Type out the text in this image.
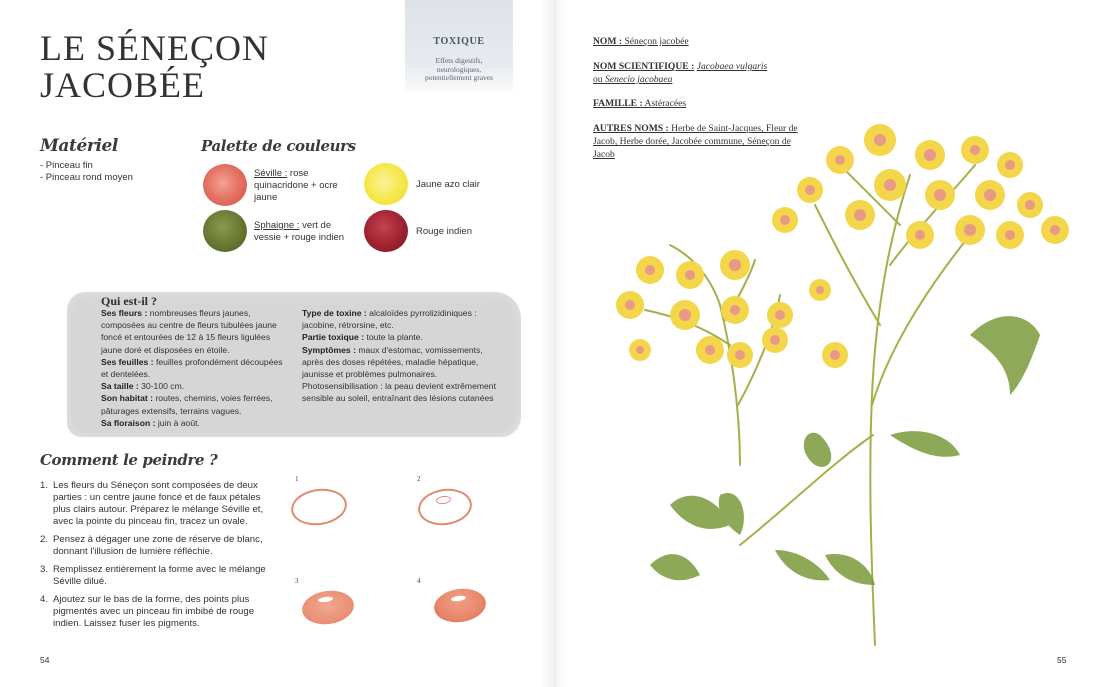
LE SÉNEÇON
JACOBÉE
TOXIQUE
Effets digestifs, neurologiques, potentiellement graves
Matériel
- Pinceau fin
- Pinceau rond moyen
Palette de couleurs
Séville : rose quinacridone + ocre jaune
Sphaigne : vert de vessie + rouge indien
Jaune azo clair
Rouge indien
Qui est-il ?
Ses fleurs : nombreuses fleurs jaunes, composées au centre de fleurs tubulées jaune foncé et entourées de 12 à 15 fleurs ligulées jaune doré et disposées en étoile.
Ses feuilles : feuilles profondément découpées et dentelées.
Sa taille : 30-100 cm.
Son habitat : routes, chemins, voies ferrées, pâturages extensifs, terrains vagues.
Sa floraison : juin à août.
Type de toxine : alcaloïdes pyrrolizidiniques : jacobine, rétrorsine, etc.
Partie toxique : toute la plante.
Symptômes : maux d'estomac, vomissements, après des doses répétées, maladie hépatique, jaunisse et problèmes pulmonaires.
Photosensibilisation : la peau devient extrêmement sensible au soleil, entraînant des lésions cutanées
Comment le peindre ?
1. Les fleurs du Séneçon sont composées de deux parties : un centre jaune foncé et de faux pétales plus clairs autour. Préparez le mélange Séville et, avec la pointe du pinceau fin, tracez un ovale.
2. Pensez à dégager une zone de réserve de blanc, donnant l'illusion de lumière réfléchie.
3. Remplissez entièrement la forme avec le mélange Séville dilué.
4. Ajoutez sur le bas de la forme, des points plus pigmentés avec un pinceau fin imbibé de rouge indien. Laissez fuser les pigments.
1	2
3	4
54
NOM : Séneçon jacobée
NOM SCIENTIFIQUE : Jacobaea vulgaris
ou Senecio jacobaea
FAMILLE : Astéracées
AUTRES NOMS : Herbe de Saint-Jacques, Fleur de Jacob, Herbe dorée, Jacobée commune, Séneçon de Jacob
55
